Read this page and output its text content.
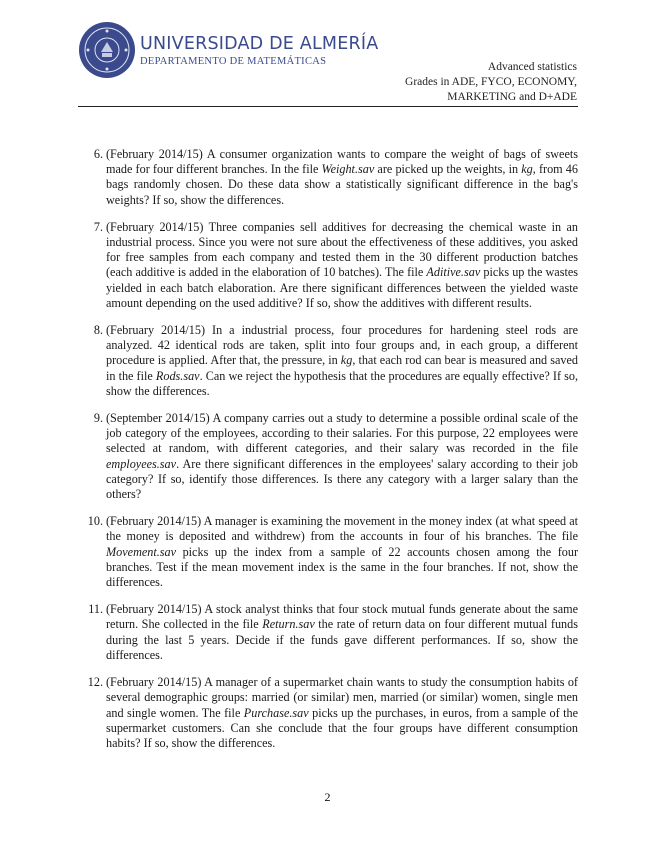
UNIVERSIDAD DE ALMERÍA
DEPARTAMENTO DE MATEMÁTICAS	Advanced statistics
Grades in ADE, FYCO, ECONOMY,
MARKETING and D+ADE
6. (February 2014/15) A consumer organization wants to compare the weight of bags of sweets made for four different branches. In the file Weight.sav are picked up the weights, in kg, from 46 bags randomly chosen. Do these data show a statistically significant difference in the bag's weights? If so, show the differences.
7. (February 2014/15) Three companies sell additives for decreasing the chemical waste in an industrial process. Since you were not sure about the effectiveness of these additives, you asked for free samples from each company and tested them in the 30 different production batches (each additive is added in the elaboration of 10 batches). The file Aditive.sav picks up the wastes yielded in each batch elaboration. Are there significant differences between the yielded waste amount depending on the used additive? If so, show the additives with different results.
8. (February 2014/15) In a industrial process, four procedures for hardening steel rods are analyzed. 42 identical rods are taken, split into four groups and, in each group, a different procedure is applied. After that, the pressure, in kg, that each rod can bear is measured and saved in the file Rods.sav. Can we reject the hypothesis that the procedures are equally effective? If so, show the differences.
9. (September 2014/15) A company carries out a study to determine a possible ordinal scale of the job category of the employees, according to their salaries. For this purpose, 22 employees were selected at random, with different categories, and their salary was recorded in the file employees.sav. Are there significant differences in the employees' salary according to their job category? If so, identify those differences. Is there any category with a larger salary than the others?
10. (February 2014/15) A manager is examining the movement in the money index (at what speed at the money is deposited and withdrew) from the accounts in four of his branches. The file Movement.sav picks up the index from a sample of 22 accounts chosen among the four branches. Test if the mean movement index is the same in the four branches. If not, show the differences.
11. (February 2014/15) A stock analyst thinks that four stock mutual funds generate about the same return. She collected in the file Return.sav the rate of return data on four different mutual funds during the last 5 years. Decide if the funds gave different performances. If so, show the differences.
12. (February 2014/15) A manager of a supermarket chain wants to study the consumption habits of several demographic groups: married (or similar) men, married (or similar) women, single men and single women. The file Purchase.sav picks up the purchases, in euros, from a sample of the supermarket customers. Can she conclude that the four groups have different consumption habits? If so, show the differences.
2
